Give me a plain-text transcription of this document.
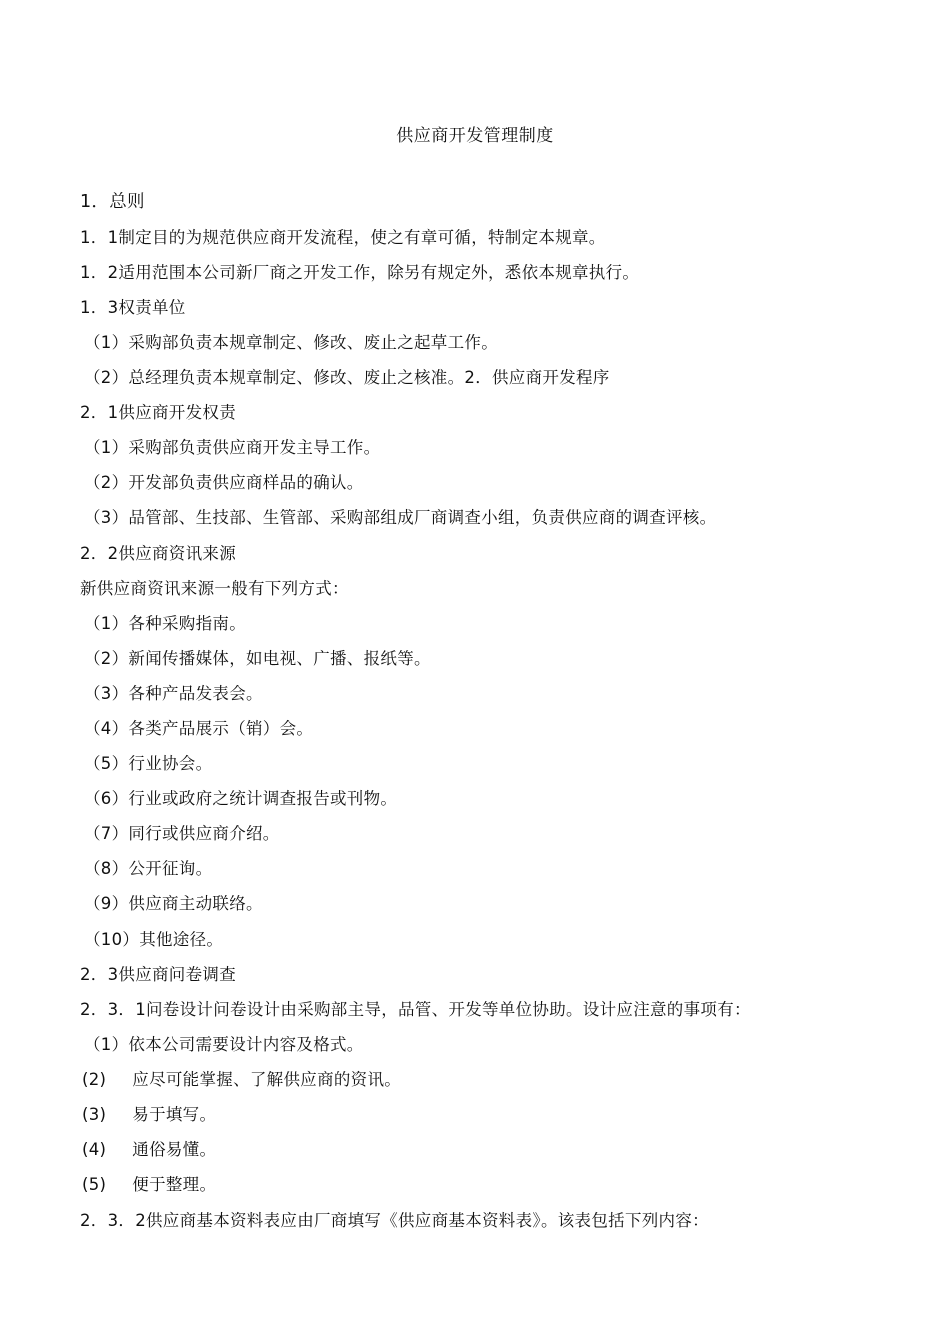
供应商开发管理制度
1．总则
1．1制定目的为规范供应商开发流程，使之有章可循，特制定本规章。
1．2适用范围本公司新厂商之开发工作，除另有规定外，悉依本规章执行。
1．3权责单位
（1）采购部负责本规章制定、修改、废止之起草工作。
（2）总经理负责本规章制定、修改、废止之核准。2．供应商开发程序
2．1供应商开发权责
（1）采购部负责供应商开发主导工作。
（2）开发部负责供应商样品的确认。
（3）品管部、生技部、生管部、采购部组成厂商调查小组，负责供应商的调查评核。
2．2供应商资讯来源
新供应商资讯来源一般有下列方式：
（1）各种采购指南。
（2）新闻传播媒体，如电视、广播、报纸等。
（3）各种产品发表会。
（4）各类产品展示（销）会。
（5）行业协会。
（6）行业或政府之统计调查报告或刊物。
（7）同行或供应商介绍。
（8）公开征询。
（9）供应商主动联络。
（10）其他途径。
2．3供应商问卷调查
2．3．1问卷设计问卷设计由采购部主导，品管、开发等单位协助。设计应注意的事项有：
（1）依本公司需要设计内容及格式。
(2) 应尽可能掌握、了解供应商的资讯。
(3) 易于填写。
(4) 通俗易懂。
(5) 便于整理。
2．3．2供应商基本资料表应由厂商填写《供应商基本资料表》。该表包括下列内容：
